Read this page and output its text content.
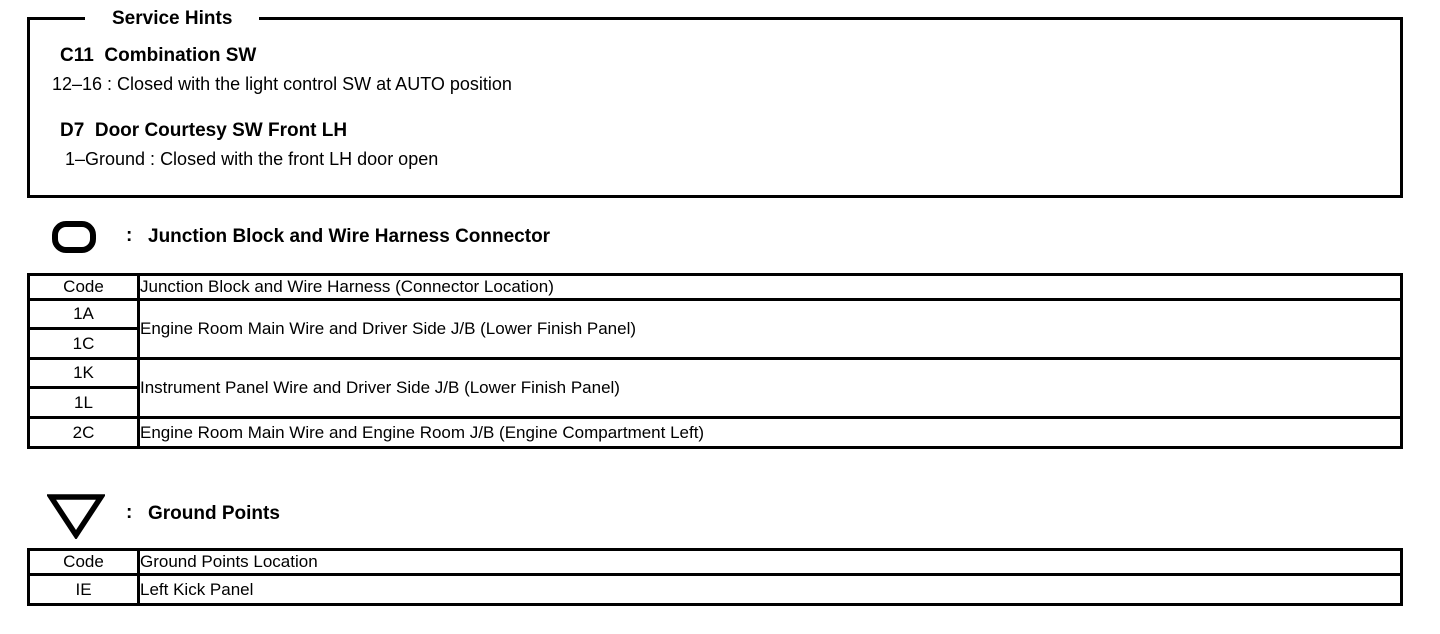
Service Hints

C11  Combination SW

12–16 : Closed with the light control SW at AUTO position

D7  Door Courtesy SW Front LH

1–Ground : Closed with the front LH door open

: Junction Block and Wire Harness Connector
Code	Junction Block and Wire Harness (Connector Location)
1A	Engine Room Main Wire and Driver Side J/B (Lower Finish Panel)
1C	
1K	Instrument Panel Wire and Driver Side J/B (Lower Finish Panel)
1L	
2C	Engine Room Main Wire and Engine Room J/B (Engine Compartment Left)
: Ground Points
Code	Ground Points Location
IE	Left Kick Panel
